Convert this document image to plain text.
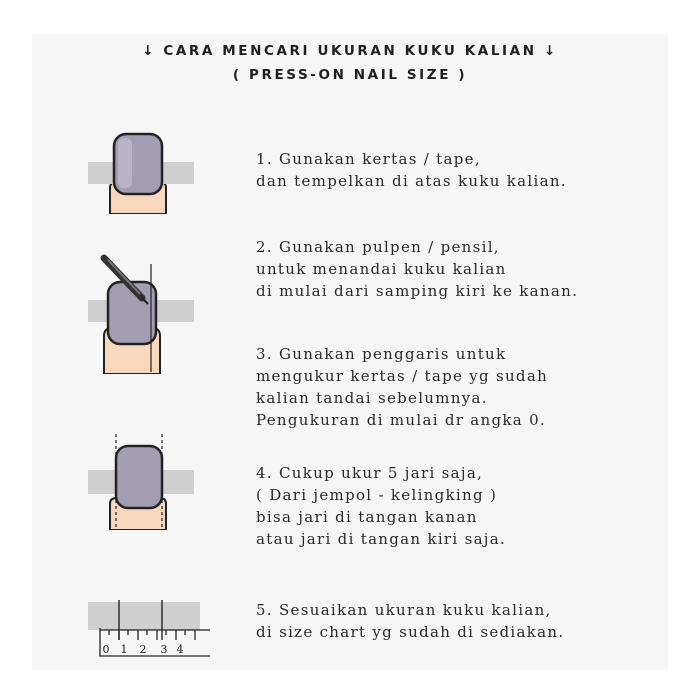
↓ CARA MENCARI UKURAN KUKU KALIAN ↓
( PRESS-ON NAIL SIZE )

1. Gunakan kertas / tape,
dan tempelkan di atas kuku kalian.

2. Gunakan pulpen / pensil,
untuk menandai kuku kalian
di mulai dari samping kiri ke kanan.

3. Gunakan penggaris untuk
mengukur kertas / tape yg sudah
kalian tandai sebelumnya.
Pengukuran di mulai dr angka 0.

4. Cukup ukur 5 jari saja,
( Dari jempol - kelingking )
bisa jari di tangan kanan
atau jari di tangan kiri saja.

0 1 2 3 4

5. Sesuaikan ukuran kuku kalian,
di size chart yg sudah di sediakan.
